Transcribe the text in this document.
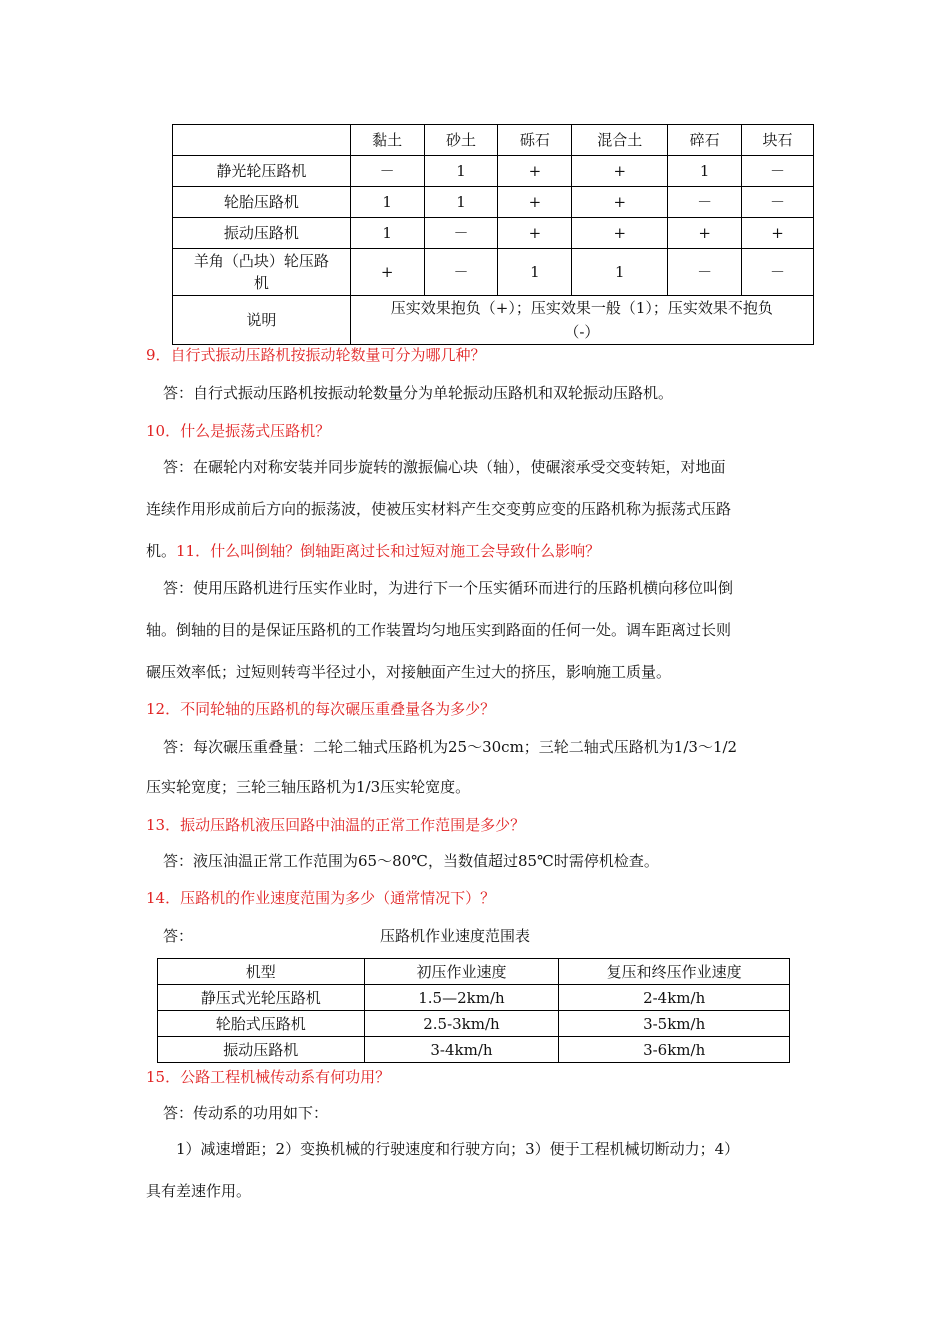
	黏土	砂土	砾石	混合土	碎石	块石
静光轮压路机	－	1	+	+	1	－
轮胎压路机	1	1	+	+	－	－
振动压路机	1	－	+	+	+	+

羊角（凸块）轮压路
机	+	－	1	1	－	－
说明	压实效果抱负（+）；压实效果一般（1）；压实效果不抱负
（-）					
9．自行式振动压路机按振动轮数量可分为哪几种？
答：自行式振动压路机按振动轮数量分为单轮振动压路机和双轮振动压路机。
10．什么是振荡式压路机？
答：在碾轮内对称安装并同步旋转的激振偏心块（轴），使碾滚承受交变转矩，对地面
连续作用形成前后方向的振荡波，使被压实材料产生交变剪应变的压路机称为振荡式压路
机。11．什么叫倒轴？倒轴距离过长和过短对施工会导致什么影响？
答：使用压路机进行压实作业时，为进行下一个压实循环而进行的压路机横向移位叫倒
轴。倒轴的目的是保证压路机的工作装置均匀地压实到路面的任何一处。调车距离过长则
碾压效率低；过短则转弯半径过小，对接触面产生过大的挤压，影响施工质量。
12．不同轮轴的压路机的每次碾压重叠量各为多少？
答：每次碾压重叠量：二轮二轴式压路机为25～30cm；三轮二轴式压路机为1/3～1/2
压实轮宽度；三轮三轴压路机为1/3压实轮宽度。
13．振动压路机液压回路中油温的正常工作范围是多少？
答：液压油温正常工作范围为65～80℃，当数值超过85℃时需停机检查。
14．压路机的作业速度范围为多少（通常情况下）？
答：	压路机作业速度范围表
机型	初压作业速度	复压和终压作业速度
静压式光轮压路机	1.5—2km/h	2-4km/h
轮胎式压路机	2.5-3km/h	3-5km/h
振动压路机	3-4km/h	3-6km/h
15．公路工程机械传动系有何功用？
答：传动系的功用如下：
1）减速增距；2）变换机械的行驶速度和行驶方向；3）便于工程机械切断动力；4）
具有差速作用。
